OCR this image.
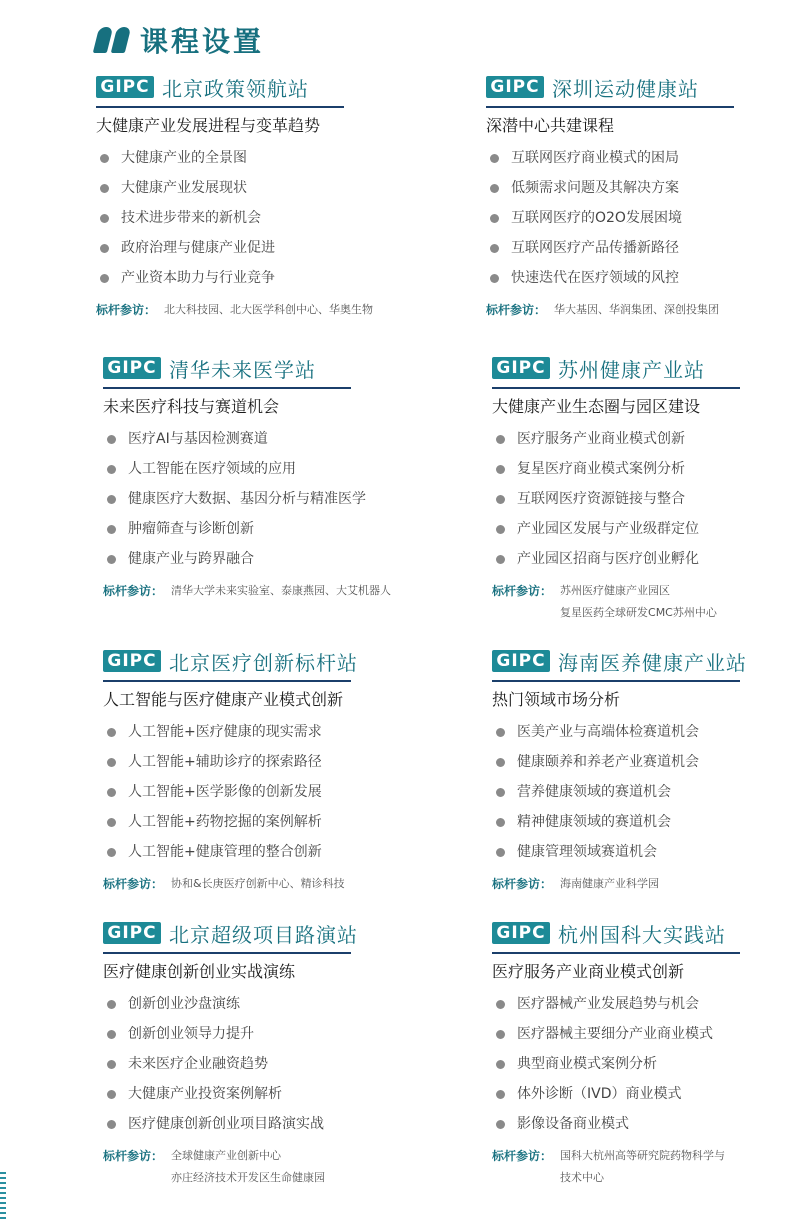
课程设置
GIPC 北京政策领航站
大健康产业发展进程与变革趋势
大健康产业的全景图
大健康产业发展现状
技术进步带来的新机会
政府治理与健康产业促进
产业资本助力与行业竞争
标杆参访： 北大科技园、北大医学科创中心、华奥生物
GIPC 深圳运动健康站
深潜中心共建课程
互联网医疗商业模式的困局
低频需求问题及其解决方案
互联网医疗的O2O发展困境
互联网医疗产品传播新路径
快速迭代在医疗领域的风控
标杆参访： 华大基因、华润集团、深创投集团
GIPC 清华未来医学站
未来医疗科技与赛道机会
医疗AI与基因检测赛道
人工智能在医疗领域的应用
健康医疗大数据、基因分析与精准医学
肿瘤筛查与诊断创新
健康产业与跨界融合
标杆参访： 清华大学未来实验室、泰康燕园、大艾机器人
GIPC 苏州健康产业站
大健康产业生态圈与园区建设
医疗服务产业商业模式创新
复星医疗商业模式案例分析
互联网医疗资源链接与整合
产业园区发展与产业级群定位
产业园区招商与医疗创业孵化
标杆参访： 苏州医疗健康产业园区
复星医药全球研发CMC苏州中心
GIPC 北京医疗创新标杆站
人工智能与医疗健康产业模式创新
人工智能+医疗健康的现实需求
人工智能+辅助诊疗的探索路径
人工智能+医学影像的创新发展
人工智能+药物挖掘的案例解析
人工智能+健康管理的整合创新
标杆参访： 协和&长庚医疗创新中心、精诊科技
GIPC 海南医养健康产业站
热门领域市场分析
医美产业与高端体检赛道机会
健康颐养和养老产业赛道机会
营养健康领域的赛道机会
精神健康领域的赛道机会
健康管理领域赛道机会
标杆参访： 海南健康产业科学园
GIPC 北京超级项目路演站
医疗健康创新创业实战演练
创新创业沙盘演练
创新创业领导力提升
未来医疗企业融资趋势
大健康产业投资案例解析
医疗健康创新创业项目路演实战
标杆参访： 全球健康产业创新中心
亦庄经济技术开发区生命健康园
GIPC 杭州国科大实践站
医疗服务产业商业模式创新
医疗器械产业发展趋势与机会
医疗器械主要细分产业商业模式
典型商业模式案例分析
体外诊断（IVD）商业模式
影像设备商业模式
标杆参访： 国科大杭州高等研究院药物科学与
技术中心
